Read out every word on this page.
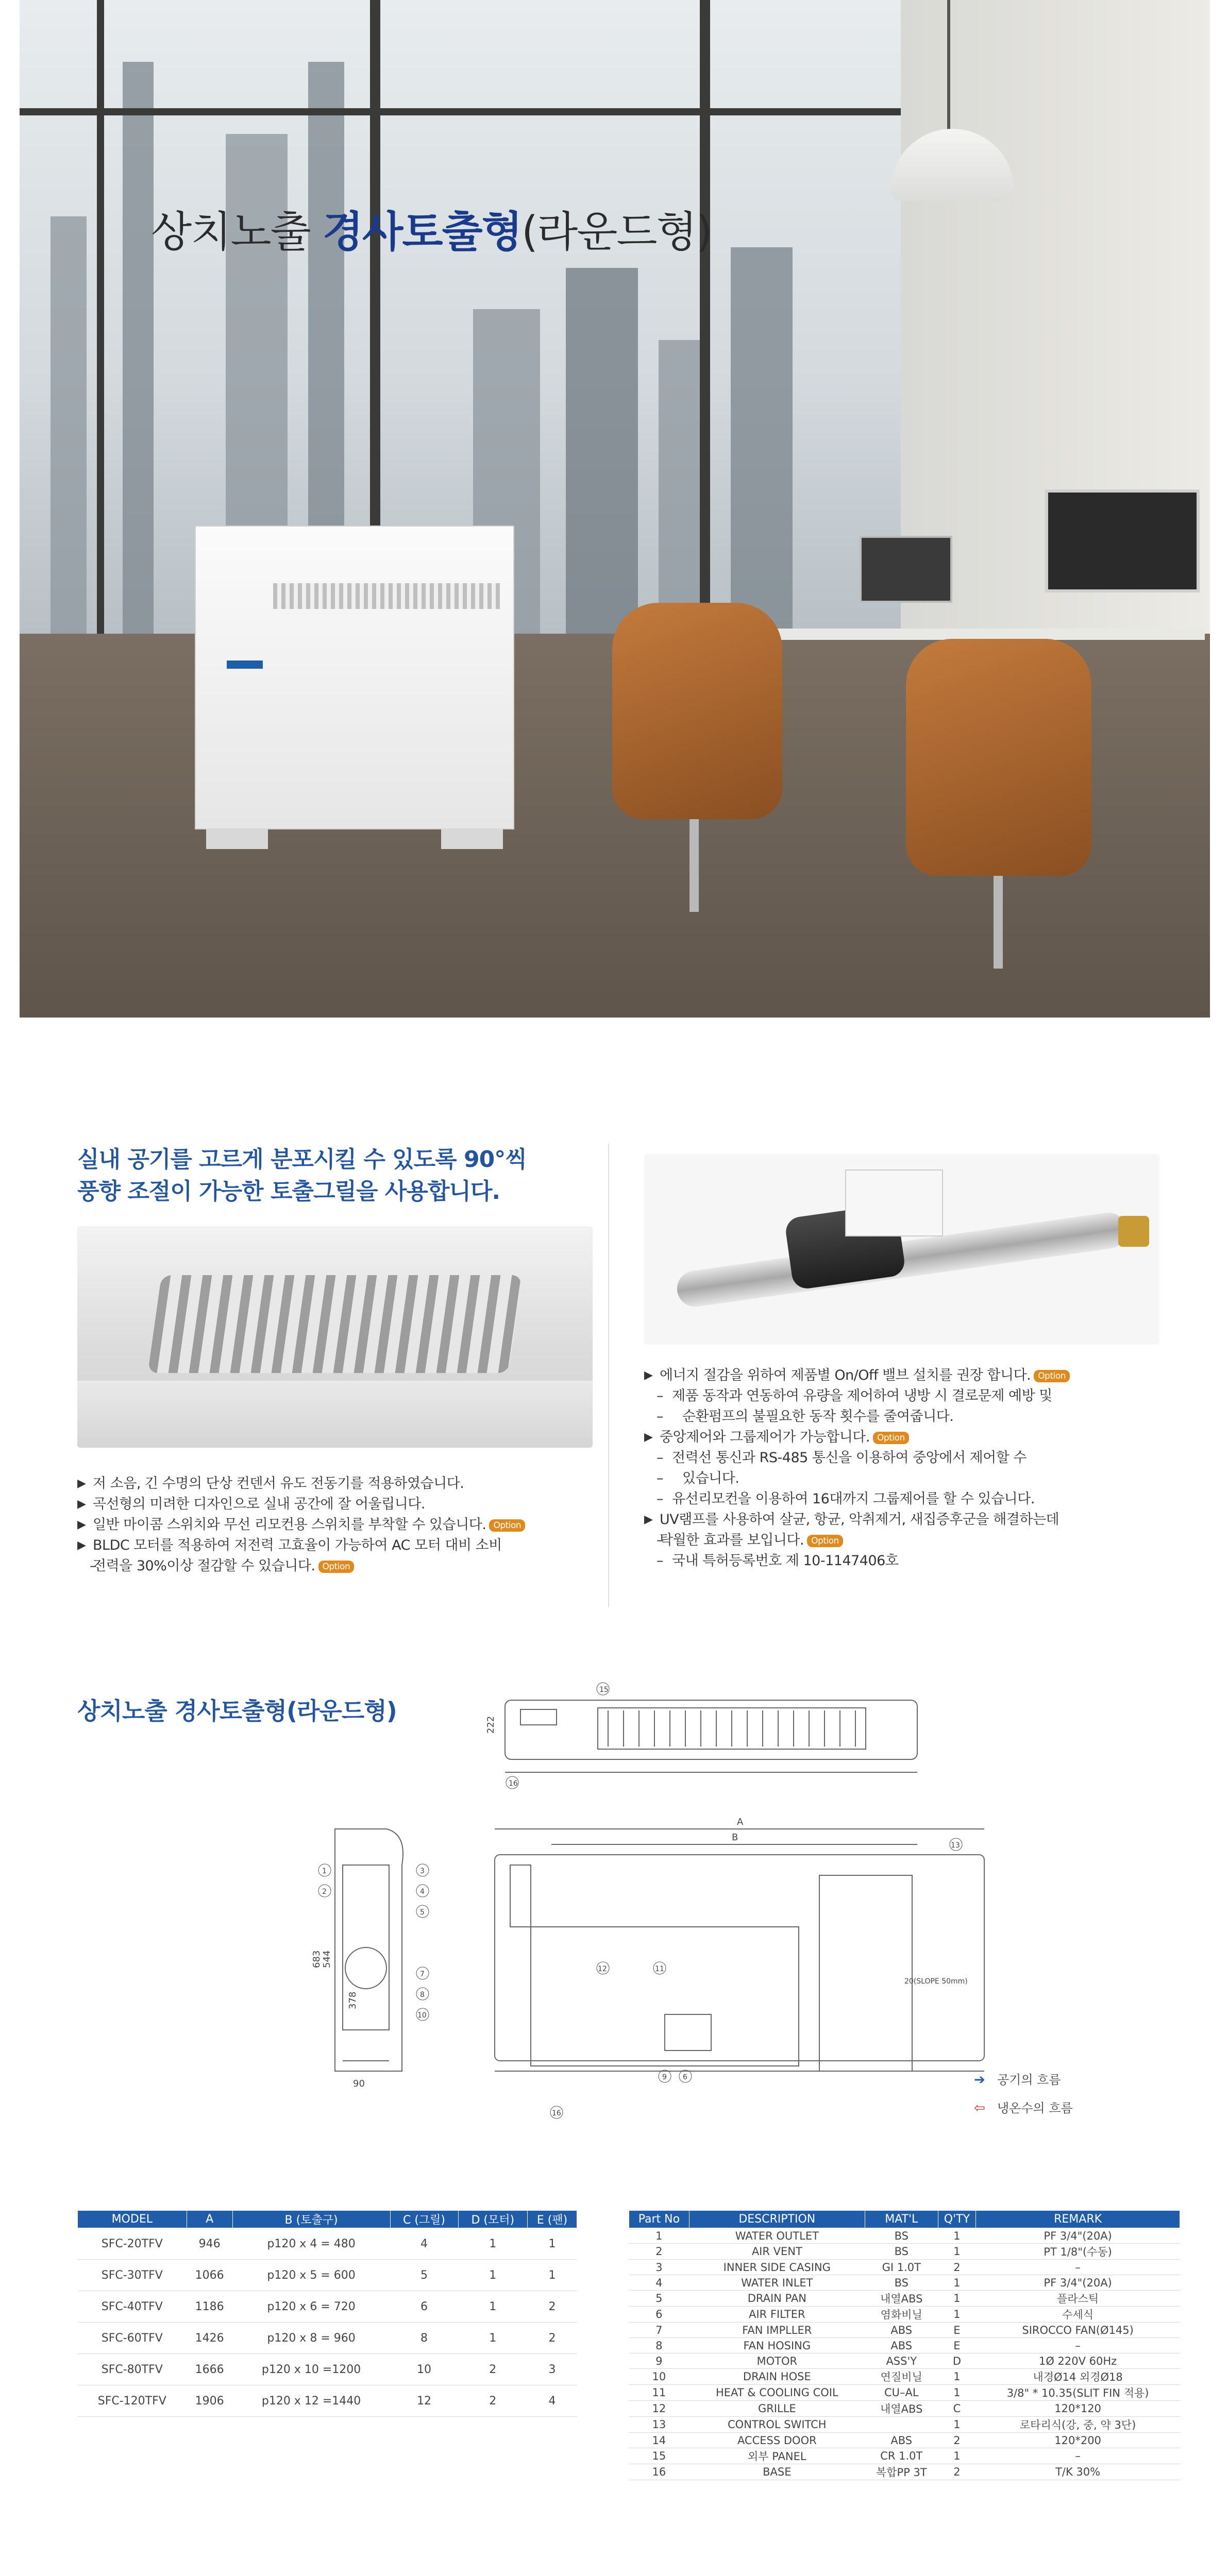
상치노출 경사토출형(라운드형)
실내 공기를 고르게 분포시킬 수 있도록 90°씩
풍향 조절이 가능한 토출그릴을 사용합니다.
▶ 저 소음, 긴 수명의 단상 컨덴서 유도 전동기를 적용하였습니다.
▶ 곡선형의 미려한 디자인으로 실내 공간에 잘 어울립니다.
▶ 일반 마이콤 스위치와 무선 리모컨용 스위치를 부착할 수 있습니다. Option
▶ BLDC 모터를 적용하여 저전력 고효율이 가능하여 AC 모터 대비 소비
– 전력을 30%이상 절감할 수 있습니다. Option
▶ 에너지 절감을 위하여 제품별 On/Off 밸브 설치를 권장 합니다. Option
– 제품 동작과 연동하여 유량을 제어하여 냉방 시 결로문제 예방 및
– 순환펌프의 불필요한 동작 횟수를 줄여줍니다.
▶ 중앙제어와 그룹제어가 가능합니다. Option
– 전력선 통신과 RS-485 통신을 이용하여 중앙에서 제어할 수
– 있습니다.
– 유선리모컨을 이용하여 16대까지 그룹제어를 할 수 있습니다.
▶ UV램프를 사용하여 살균, 항균, 악취제거, 새집증후군을 해결하는데
– 탁월한 효과를 보입니다. Option
– 국내 특허등록번호 제 10-1147406호
상치노출 경사토출형(라운드형)	222
15
16
A
B
13
12	11
9 6
16
20(SLOPE 50mm)
683 544
378
90
1
2
3
4
5
7
8
10
➔ 공기의 흐름
⇦ 냉온수의 흐름
MODEL	A	B (토출구)	C (그릴)	D (모터)	E (팬)
SFC-20TFV	946	p120 x 4 = 480	4	1	1
SFC-30TFV	1066	p120 x 5 = 600	5	1	1
SFC-40TFV	1186	p120 x 6 = 720	6	1	2
SFC-60TFV	1426	p120 x 8 = 960	8	1	2
SFC-80TFV	1666	p120 x 10 =1200	10	2	3
SFC-120TFV	1906	p120 x 12 =1440	12	2	4
Part No	DESCRIPTION	MAT'L	Q'TY	REMARK
1	WATER OUTLET	BS	1	PF 3/4"(20A)
2	AIR VENT	BS	1	PT 1/8"(수동)
3	INNER SIDE CASING	GI 1.0T	2	–
4	WATER INLET	BS	1	PF 3/4"(20A)
5	DRAIN PAN	내열ABS	1	플라스틱
6	AIR FILTER	염화비닐	1	수세식
7	FAN IMPLLER	ABS	E	SIROCCO FAN(Ø145)
8	FAN HOSING	ABS	E	–
9	MOTOR	ASS'Y	D	1Ø 220V 60Hz
10	DRAIN HOSE	연질비닐	1	내경Ø14 외경Ø18
11	HEAT & COOLING COIL	CU–AL	1	3/8" * 10.35(SLIT FIN 적용)
12	GRILLE	내열ABS	C	120*120
13	CONTROL SWITCH		1	로타리식(강, 중, 약 3단)
14	ACCESS DOOR	ABS	2	120*200
15	외부 PANEL	CR 1.0T	1	–
16	BASE	복합PP 3T	2	T/K 30%
